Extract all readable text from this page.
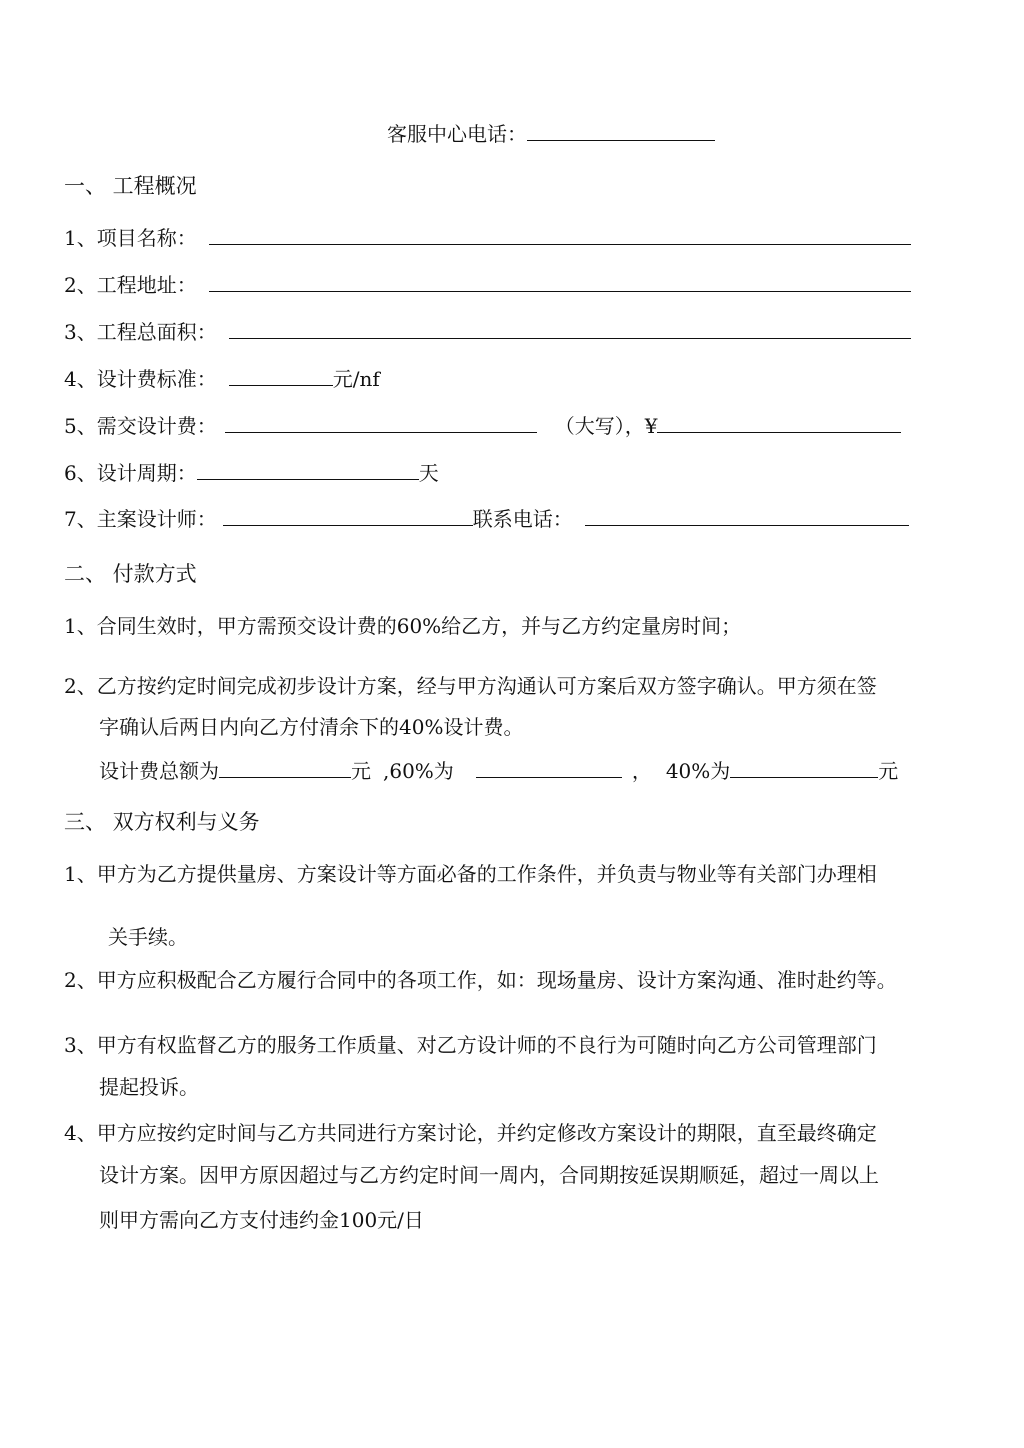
客服中心电话：
一、 工程概况
1、项目名称：
2、工程地址：
3、工程总面积：
4、设计费标准：	元/nf
5、需交设计费：	（大写），¥
6、设计周期：	天
7、主案设计师：	联系电话：
二、 付款方式
1、合同生效时，甲方需预交设计费的60%给乙方，并与乙方约定量房时间；
2、乙方按约定时间完成初步设计方案，经与甲方沟通认可方案后双方签字确认。甲方须在签
字确认后两日内向乙方付清余下的40%设计费。
设计费总额为	元 ,60%为	， 40%为	元
三、 双方权利与义务
1、甲方为乙方提供量房、方案设计等方面必备的工作条件，并负责与物业等有关部门办理相
关手续。
2、甲方应积极配合乙方履行合同中的各项工作，如：现场量房、设计方案沟通、准时赴约等。
3、甲方有权监督乙方的服务工作质量、对乙方设计师的不良行为可随时向乙方公司管理部门
提起投诉。
4、甲方应按约定时间与乙方共同进行方案讨论，并约定修改方案设计的期限，直至最终确定
设计方案。因甲方原因超过与乙方约定时间一周内，合同期按延误期顺延，超过一周以上
则甲方需向乙方支付违约金100元/日
